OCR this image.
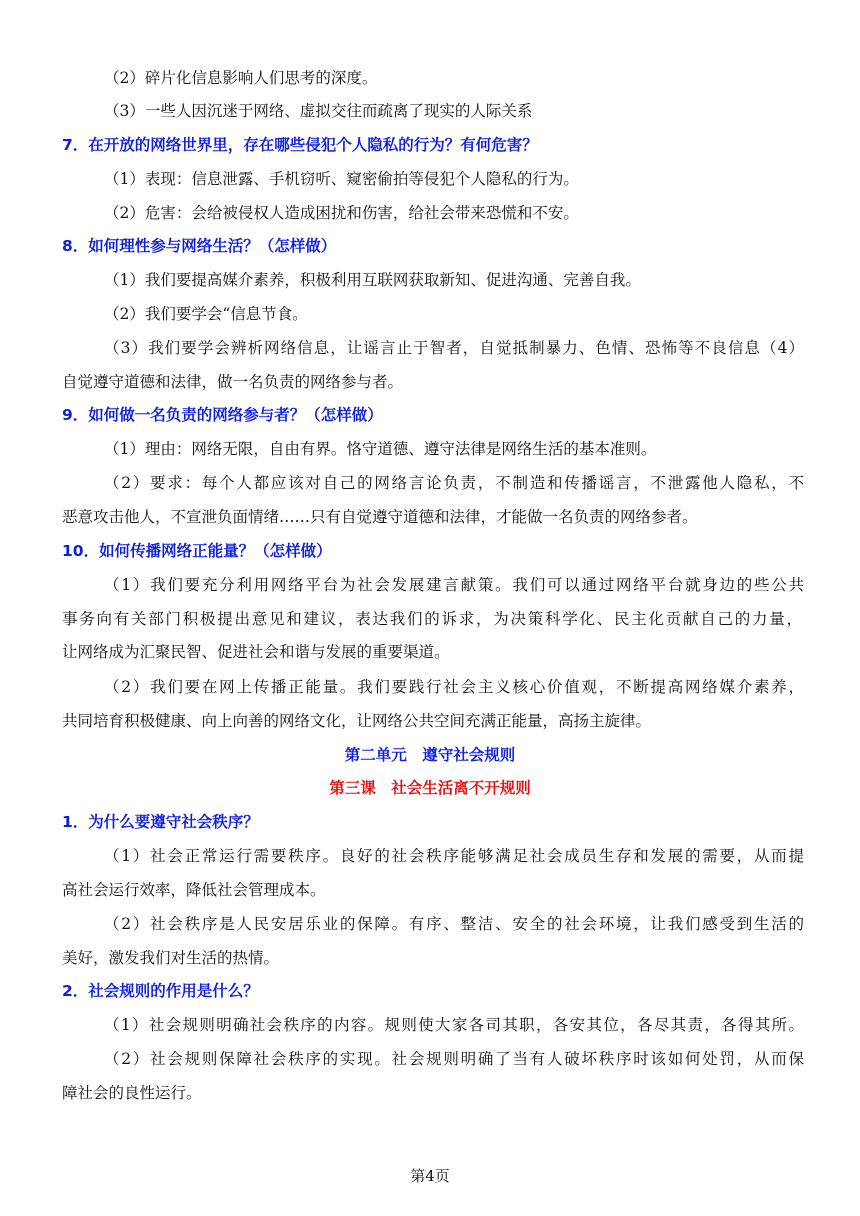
（2）碎片化信息影响人们思考的深度。
（3）一些人因沉迷于网络、虚拟交往而疏离了现实的人际关系
7．在开放的网络世界里，存在哪些侵犯个人隐私的行为？有何危害？
（1）表现：信息泄露、手机窃听、窥密偷拍等侵犯个人隐私的行为。
（2）危害：会给被侵权人造成困扰和伤害，给社会带来恐慌和不安。
8．如何理性参与网络生活？（怎样做）
（1）我们要提高媒介素养，积极利用互联网获取新知、促进沟通、完善自我。
（2）我们要学会“信息节食。
（3）我们要学会辨析网络信息，让谣言止于智者，自觉抵制暴力、色情、恐怖等不良信息（4）
自觉遵守道德和法律，做一名负责的网络参与者。
9．如何做一名负责的网络参与者？（怎样做）
（1）理由：网络无限，自由有界。恪守道德、遵守法律是网络生活的基本准则。
（2）要求：每个人都应该对自己的网络言论负责，不制造和传播谣言，不泄露他人隐私，不
恶意攻击他人，不宣泄负面情绪……只有自觉遵守道德和法律，才能做一名负责的网络参者。
10．如何传播网络正能量？（怎样做）
（1）我们要充分利用网络平台为社会发展建言献策。我们可以通过网络平台就身边的些公共
事务向有关部门积极提出意见和建议，表达我们的诉求，为决策科学化、民主化贡献自己的力量，
让网络成为汇聚民智、促进社会和谐与发展的重要渠道。
（2）我们要在网上传播正能量。我们要践行社会主义核心价值观，不断提高网络媒介素养，
共同培育积极健康、向上向善的网络文化，让网络公共空间充满正能量，高扬主旋律。
第二单元　遵守社会规则
第三课　社会生活离不开规则
1．为什么要遵守社会秩序？
（1）社会正常运行需要秩序。良好的社会秩序能够满足社会成员生存和发展的需要，从而提
高社会运行效率，降低社会管理成本。
（2）社会秩序是人民安居乐业的保障。有序、整洁、安全的社会环境，让我们感受到生活的
美好，激发我们对生活的热情。
2．社会规则的作用是什么？
（1）社会规则明确社会秩序的内容。规则使大家各司其职，各安其位，各尽其责，各得其所。
（2）社会规则保障社会秩序的实现。社会规则明确了当有人破坏秩序时该如何处罚，从而保
障社会的良性运行。
第4页
